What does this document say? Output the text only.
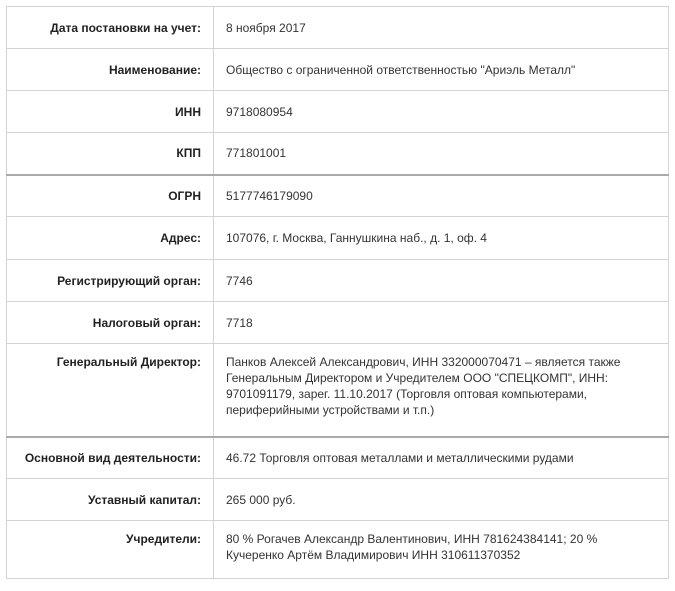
Дата постановки на учет:	8 ноября 2017
Наименование:	Общество с ограниченной ответственностью "Ариэль Металл"
ИНН	9718080954
КПП	771801001
ОГРН	5177746179090
Адрес:	107076, г. Москва, Ганнушкина наб., д. 1, оф. 4
Регистрирующий орган:	7746
Налоговый орган:	7718
Генеральный Директор:	Панков Алексей Александрович, ИНН 332000070471 – является также Генеральным Директором и Учредителем ООО "СПЕЦКОМП", ИНН: 9701091179, зарег. 11.10.2017 (Торговля оптовая компьютерами, периферийными устройствами и т.п.)
Основной вид деятельности:	46.72 Торговля оптовая металлами и металлическими рудами
Уставный капитал:	265 000 руб.
Учредители:	80 % Рогачев Александр Валентинович, ИНН 781624384141; 20 % Кучеренко Артём Владимирович ИНН 310611370352
